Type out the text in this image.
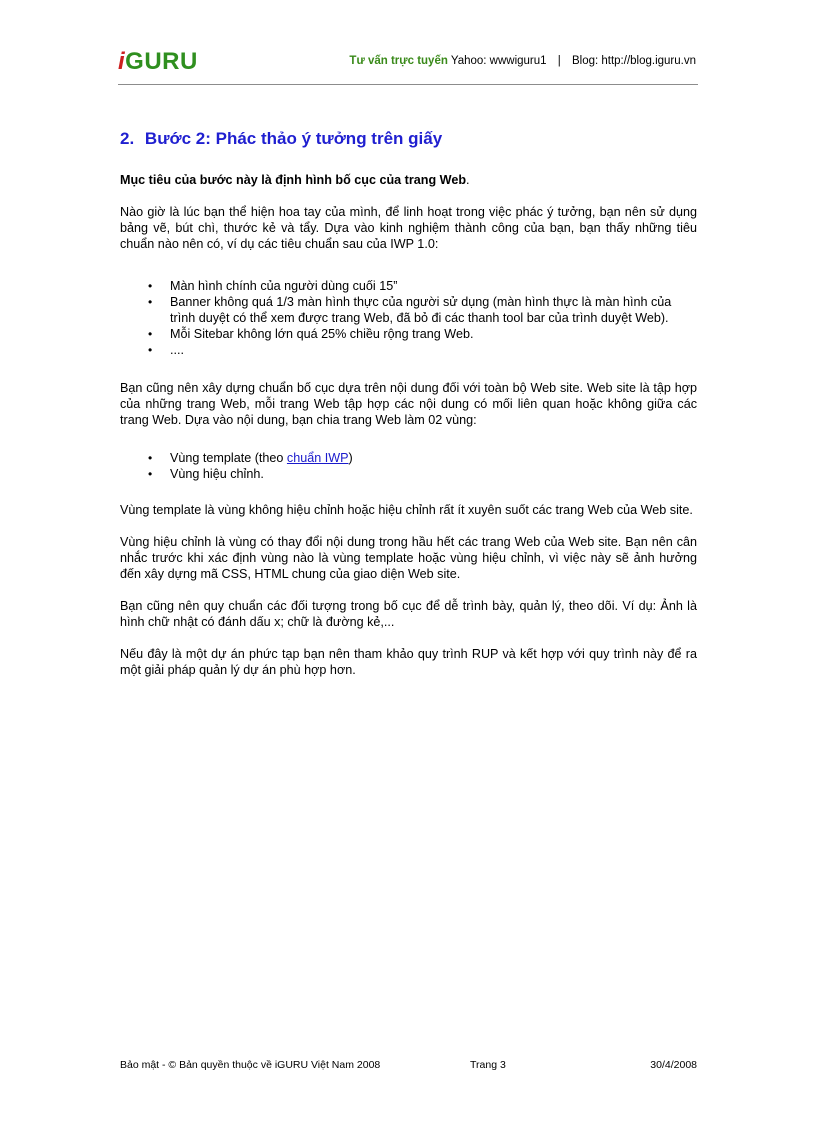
iGURU	Tư vấn trực tuyến Yahoo: wwwiguru1 | Blog: http://blog.iguru.vn
2. Bước 2: Phác thảo ý tưởng trên giấy

Mục tiêu của bước này là định hình bố cục của trang Web.

Nào giờ là lúc bạn thể hiện hoa tay của mình, để linh hoạt trong việc phác ý tưởng, bạn nên sử dụng bảng vẽ, bút chì, thước kẻ và tẩy. Dựa vào kinh nghiệm thành công của bạn, bạn thấy những tiêu chuẩn nào nên có, ví dụ các tiêu chuẩn sau của IWP 1.0:

• Màn hình chính của người dùng cuối 15”
• Banner không quá 1/3 màn hình thực của người sử dụng (màn hình thực là màn hình của trình duyệt có thể xem được trang Web, đã bỏ đi các thanh tool bar của trình duyệt Web).
• Mỗi Sitebar không lớn quá 25% chiều rộng trang Web.
• ....

Bạn cũng nên xây dựng chuẩn bố cục dựa trên nội dung đối với toàn bộ Web site. Web site là tập hợp của những trang Web, mỗi trang Web tập hợp các nội dung có mối liên quan hoặc không giữa các trang Web. Dựa vào nội dung, bạn chia trang Web làm 02 vùng:

• Vùng template (theo chuẩn IWP)
• Vùng hiệu chỉnh.

Vùng template là vùng không hiệu chỉnh hoặc hiệu chỉnh rất ít xuyên suốt các trang Web của Web site.

Vùng hiệu chỉnh là vùng có thay đổi nội dung trong hầu hết các trang Web của Web site. Bạn nên cân nhắc trước khi xác định vùng nào là vùng template hoặc vùng hiệu chỉnh, vì việc này sẽ ảnh hưởng đến xây dựng mã CSS, HTML chung của giao diện Web site.

Bạn cũng nên quy chuẩn các đối tượng trong bố cục để dễ trình bày, quản lý, theo dõi. Ví dụ: Ảnh là hình chữ nhật có đánh dấu x; chữ là đường kẻ,...

Nếu đây là một dự án phức tạp bạn nên tham khảo quy trình RUP và kết hợp với quy trình này để ra một giải pháp quản lý dự án phù hợp hơn.

Bảo mật - © Bản quyền thuộc về iGURU Việt Nam 2008	Trang 3	30/4/2008
